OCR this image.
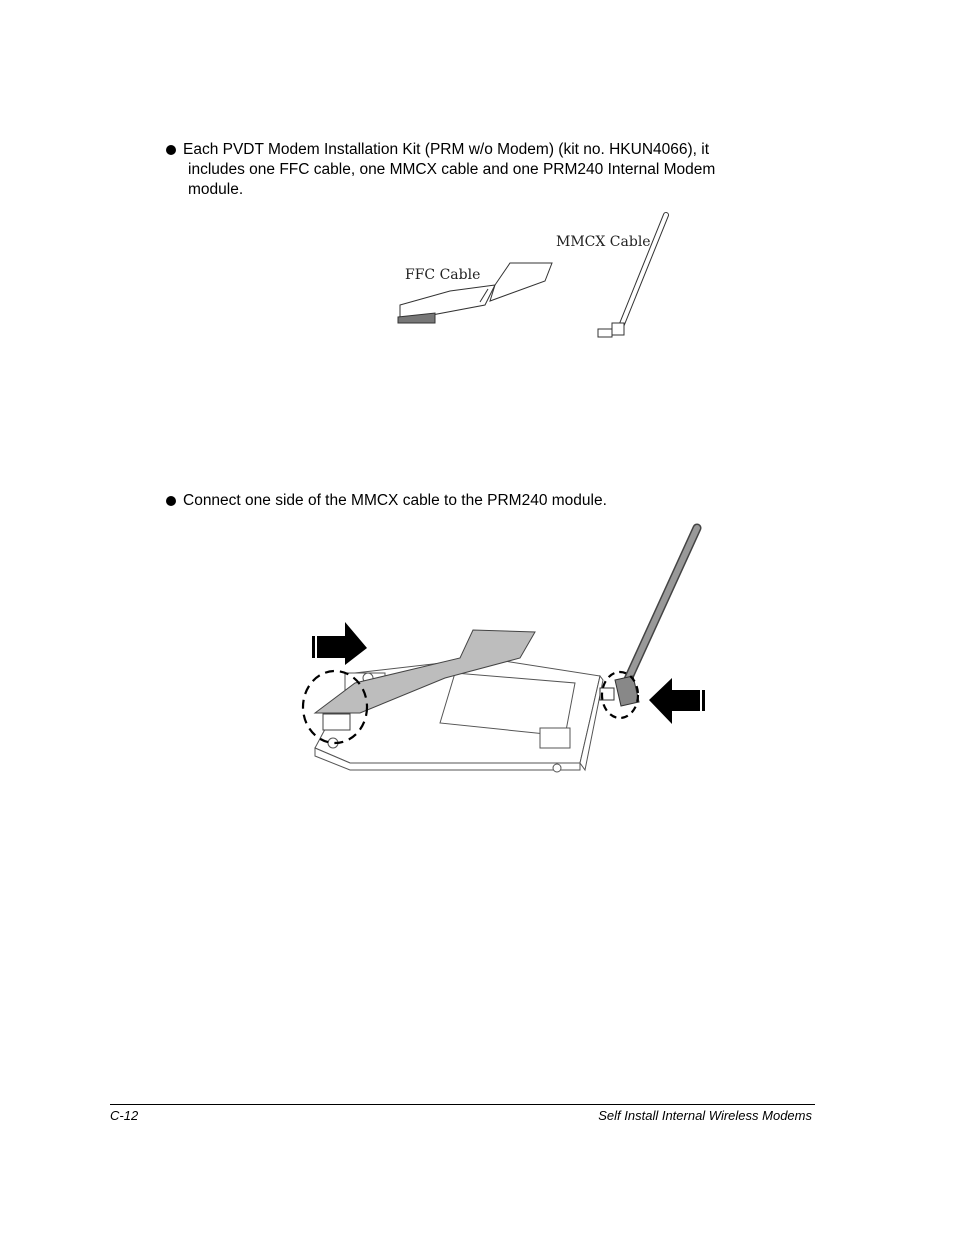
Each PVDT Modem Installation Kit (PRM w/o Modem) (kit no. HKUN4066), it
includes one FFC cable, one MMCX cable and one PRM240 Internal Modem
module.
FFC Cable
MMCX Cable
Connect one side of the MMCX cable to the PRM240 module.
C-12	Self Install Internal Wireless Modems
